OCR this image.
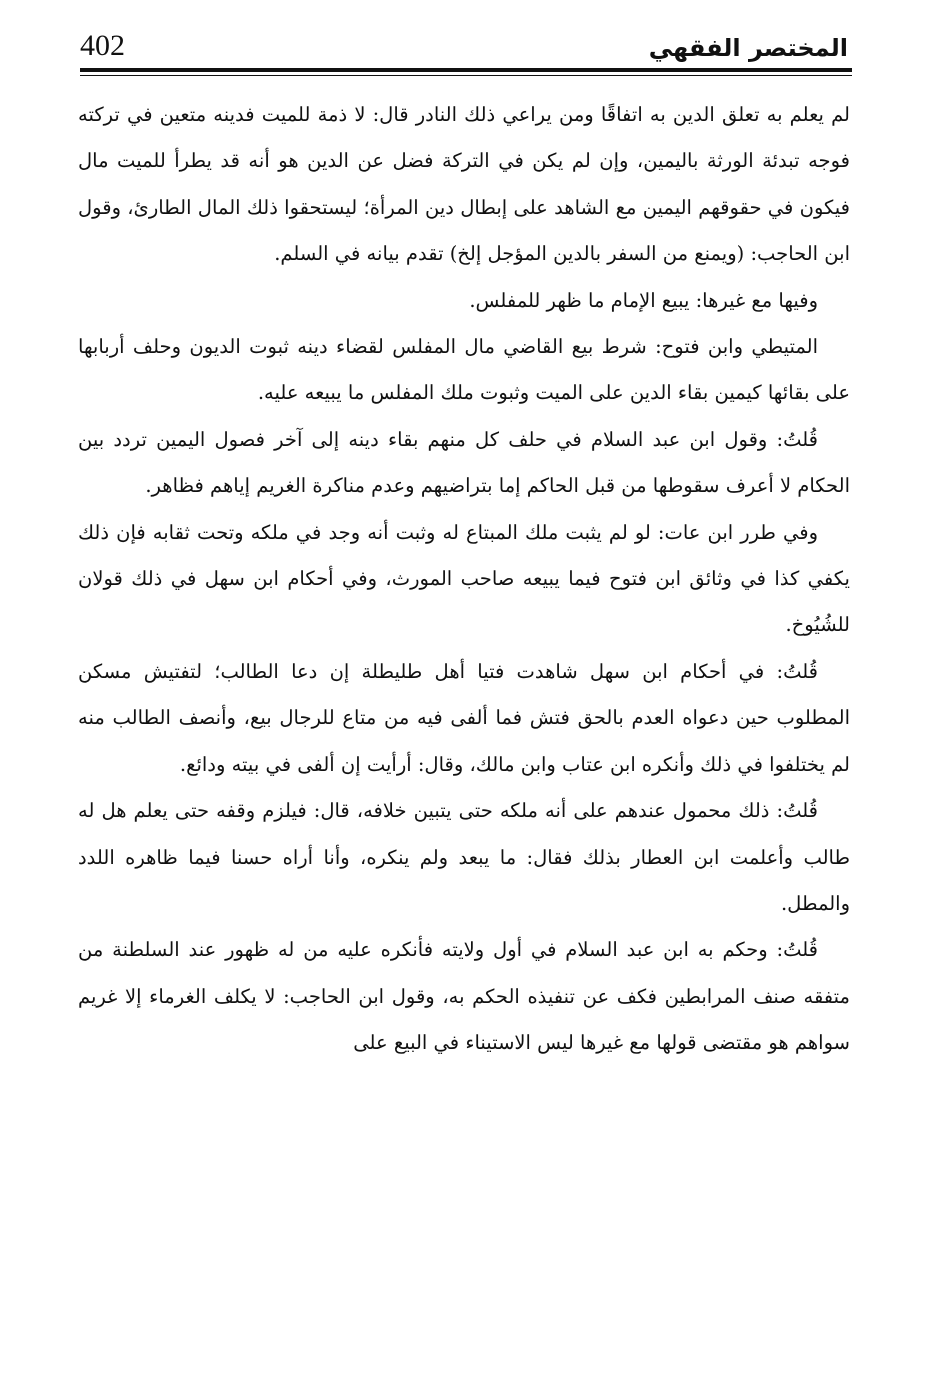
402	المختصر الفقهي

لم يعلم به تعلق الدين به اتفاقًا ومن يراعي ذلك النادر قال: لا ذمة للميت فدينه متعين في تركته فوجه تبدئة الورثة باليمين، وإن لم يكن في التركة فضل عن الدين هو أنه قد يطرأ للميت مال فيكون في حقوقهم اليمين مع الشاهد على إبطال دين المرأة؛ ليستحقوا ذلك المال الطارئ، وقول ابن الحاجب: (ويمنع من السفر بالدين المؤجل إلخ) تقدم بيانه في السلم.

وفيها مع غيرها: يبيع الإمام ما ظهر للمفلس.

المتيطي وابن فتوح: شرط بيع القاضي مال المفلس لقضاء دينه ثبوت الديون وحلف أربابها على بقائها كيمين بقاء الدين على الميت وثبوت ملك المفلس ما يبيعه عليه.

قُلتُ: وقول ابن عبد السلام في حلف كل منهم بقاء دينه إلى آخر فصول اليمين تردد بين الحكام لا أعرف سقوطها من قبل الحاكم إما بتراضيهم وعدم مناكرة الغريم إياهم فظاهر.

وفي طرر ابن عات: لو لم يثبت ملك المبتاع له وثبت أنه وجد في ملكه وتحت ثقابه فإن ذلك يكفي كذا في وثائق ابن فتوح فيما يبيعه صاحب المورث، وفي أحكام ابن سهل في ذلك قولان للشُيُوخ.

قُلتُ: في أحكام ابن سهل شاهدت فتيا أهل طليطلة إن دعا الطالب؛ لتفتيش مسكن المطلوب حين دعواه العدم بالحق فتش فما ألفى فيه من متاع للرجال بيع، وأنصف الطالب منه لم يختلفوا في ذلك وأنكره ابن عتاب وابن مالك، وقال: أرأيت إن ألفى في بيته ودائع.

قُلتُ: ذلك محمول عندهم على أنه ملكه حتى يتبين خلافه، قال: فيلزم وقفه حتى يعلم هل له طالب وأعلمت ابن العطار بذلك فقال: ما يبعد ولم ينكره، وأنا أراه حسنا فيما ظاهره اللدد والمطل.

قُلتُ: وحكم به ابن عبد السلام في أول ولايته فأنكره عليه من له ظهور عند السلطنة من متفقه صنف المرابطين فكف عن تنفيذه الحكم به، وقول ابن الحاجب: لا يكلف الغرماء إلا غريم سواهم هو مقتضى قولها مع غيرها ليس الاستيناء في البيع على
